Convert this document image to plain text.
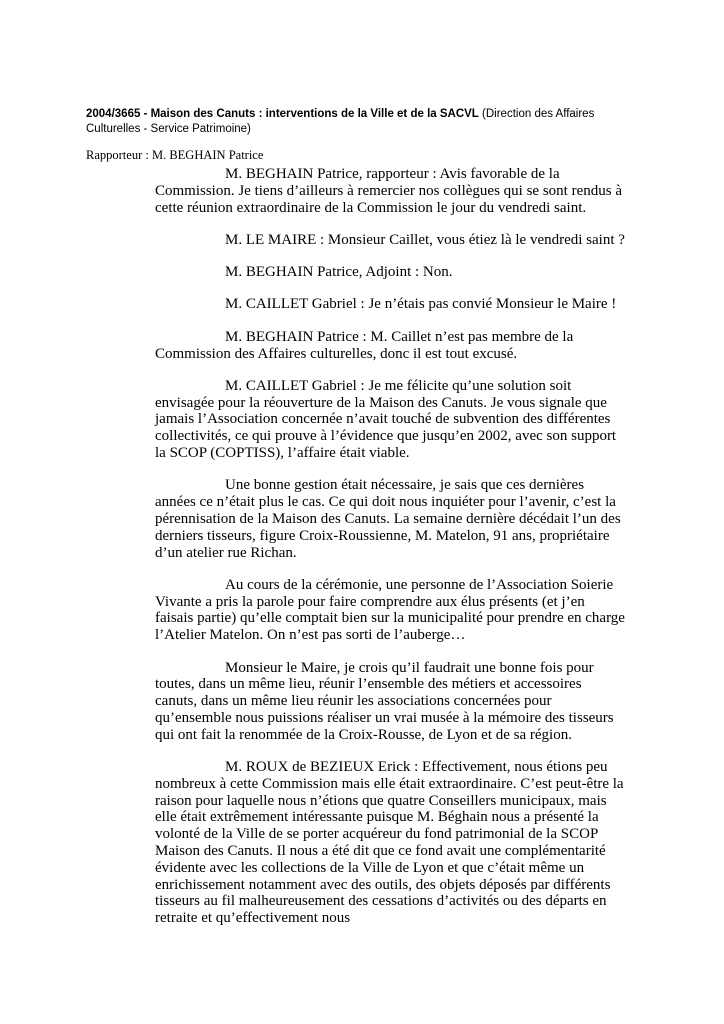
2004/3665 - Maison des Canuts : interventions de la Ville et de la SACVL (Direction des Affaires Culturelles - Service Patrimoine)
Rapporteur : M. BEGHAIN Patrice

M. BEGHAIN Patrice, rapporteur : Avis favorable de la Commission. Je tiens d’ailleurs à remercier nos collègues qui se sont rendus à cette réunion extraordinaire de la Commission le jour du vendredi saint.

M. LE MAIRE : Monsieur Caillet, vous étiez là le vendredi saint ?

M. BEGHAIN Patrice, Adjoint : Non.

M. CAILLET Gabriel : Je n’étais pas convié Monsieur le Maire !

M. BEGHAIN Patrice : M. Caillet n’est pas membre de la Commission des Affaires culturelles, donc il est tout excusé.

M. CAILLET Gabriel : Je me félicite qu’une solution soit envisagée pour la réouverture de la Maison des Canuts. Je vous signale que jamais l’Association concernée n’avait touché de subvention des différentes collectivités, ce qui prouve à l’évidence que jusqu’en 2002, avec son support la SCOP (COPTISS), l’affaire était viable.

Une bonne gestion était nécessaire, je sais que ces dernières années ce n’était plus le cas. Ce qui doit nous inquiéter pour l’avenir, c’est la pérennisation de la Maison des Canuts. La semaine dernière décédait l’un des derniers tisseurs, figure Croix-Roussienne, M. Matelon, 91 ans, propriétaire d’un atelier rue Richan.

Au cours de la cérémonie, une personne de l’Association Soierie Vivante a pris la parole pour faire comprendre aux élus présents (et j’en faisais partie) qu’elle comptait bien sur la municipalité pour prendre en charge l’Atelier Matelon. On n’est pas sorti de l’auberge…

Monsieur le Maire, je crois qu’il faudrait une bonne fois pour toutes, dans un même lieu, réunir l’ensemble des métiers et accessoires canuts, dans un même lieu réunir les associations concernées pour qu’ensemble nous puissions réaliser un vrai musée à la mémoire des tisseurs qui ont fait la renommée de la Croix-Rousse, de Lyon et de sa région.

M. ROUX de BEZIEUX Erick : Effectivement, nous étions peu nombreux à cette Commission mais elle était extraordinaire. C’est peut-être la raison pour laquelle nous n’étions que quatre Conseillers municipaux, mais elle était extrêmement intéressante puisque M. Béghain nous a présenté la volonté de la Ville de se porter acquéreur du fond patrimonial de la SCOP Maison des Canuts. Il nous a été dit que ce fond avait une complémentarité évidente avec les collections de la Ville de Lyon et que c’était même un enrichissement notamment avec des outils, des objets déposés par différents tisseurs au fil malheureusement des cessations d’activités ou des départs en retraite et qu’effectivement nous
